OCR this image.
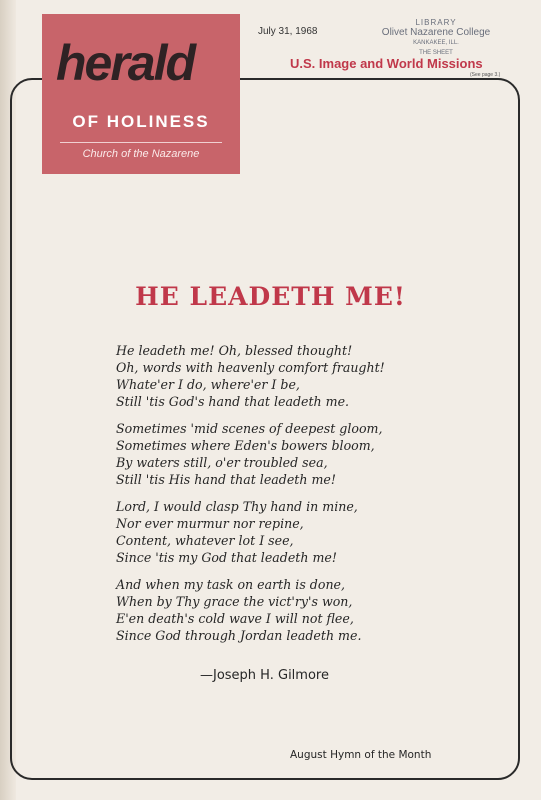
herald
OF HOLINESS
Church of the Nazarene
July 31, 1968
LIBRARY
Olivet Nazarene College
KANKAKEE, ILL.
THE SHEET
U.S. Image and World Missions
(See page 3.)
HE LEADETH ME!
He leadeth me! Oh, blessed thought!
Oh, words with heavenly comfort fraught!
Whate'er I do, where'er I be,
Still 'tis God's hand that leadeth me.
Sometimes 'mid scenes of deepest gloom,
Sometimes where Eden's bowers bloom,
By waters still, o'er troubled sea,
Still 'tis His hand that leadeth me!
Lord, I would clasp Thy hand in mine,
Nor ever murmur nor repine,
Content, whatever lot I see,
Since 'tis my God that leadeth me!
And when my task on earth is done,
When by Thy grace the vict'ry's won,
E'en death's cold wave I will not flee,
Since God through Jordan leadeth me.
—Joseph H. Gilmore
August Hymn of the Month
